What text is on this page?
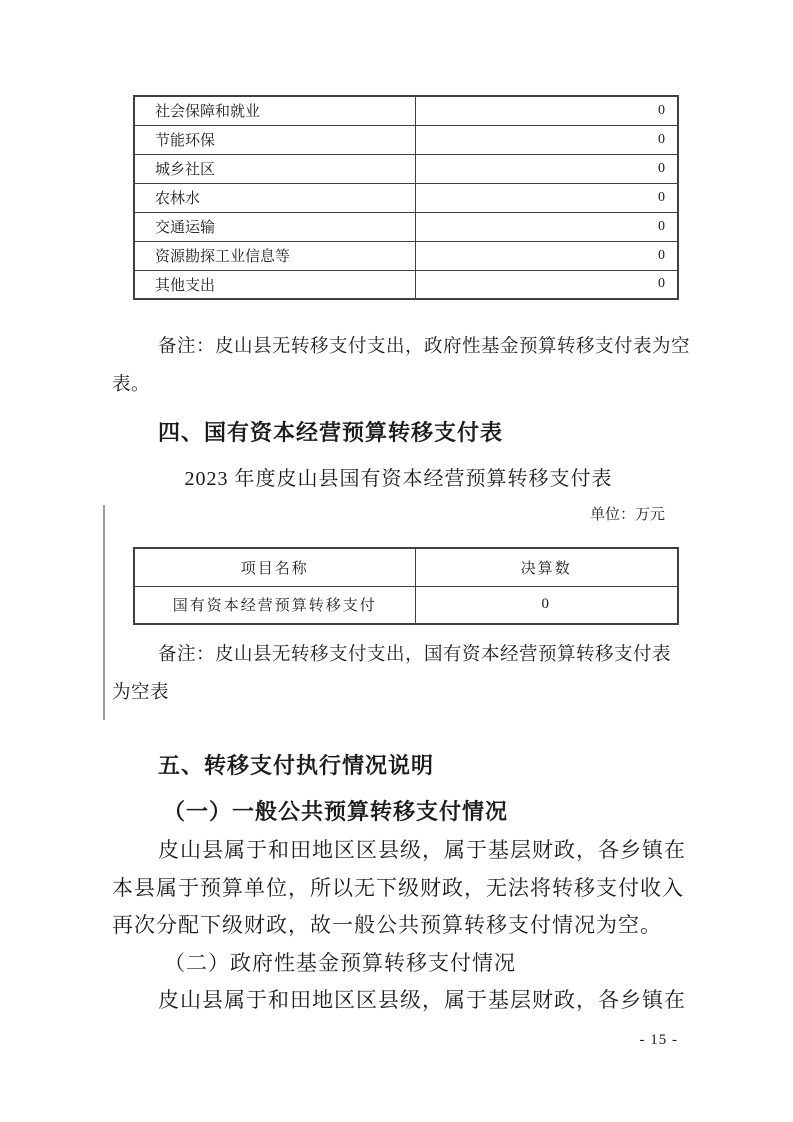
社会保障和就业	0
节能环保	0
城乡社区	0
农林水	0
交通运输	0
资源勘探工业信息等	0
其他支出	0
备注：皮山县无转移支付支出，政府性基金预算转移支付表为空
表。
四、国有资本经营预算转移支付表
2023 年度皮山县国有资本经营预算转移支付表
单位：万元
项目名称	决算数
国有资本经营预算转移支付	0
备注：皮山县无转移支付支出，国有资本经营预算转移支付表
为空表
五、转移支付执行情况说明
（一）一般公共预算转移支付情况
皮山县属于和田地区区县级，属于基层财政，各乡镇在
本县属于预算单位，所以无下级财政，无法将转移支付收入
再次分配下级财政，故一般公共预算转移支付情况为空。
（二）政府性基金预算转移支付情况
皮山县属于和田地区区县级，属于基层财政，各乡镇在
- 15 -
